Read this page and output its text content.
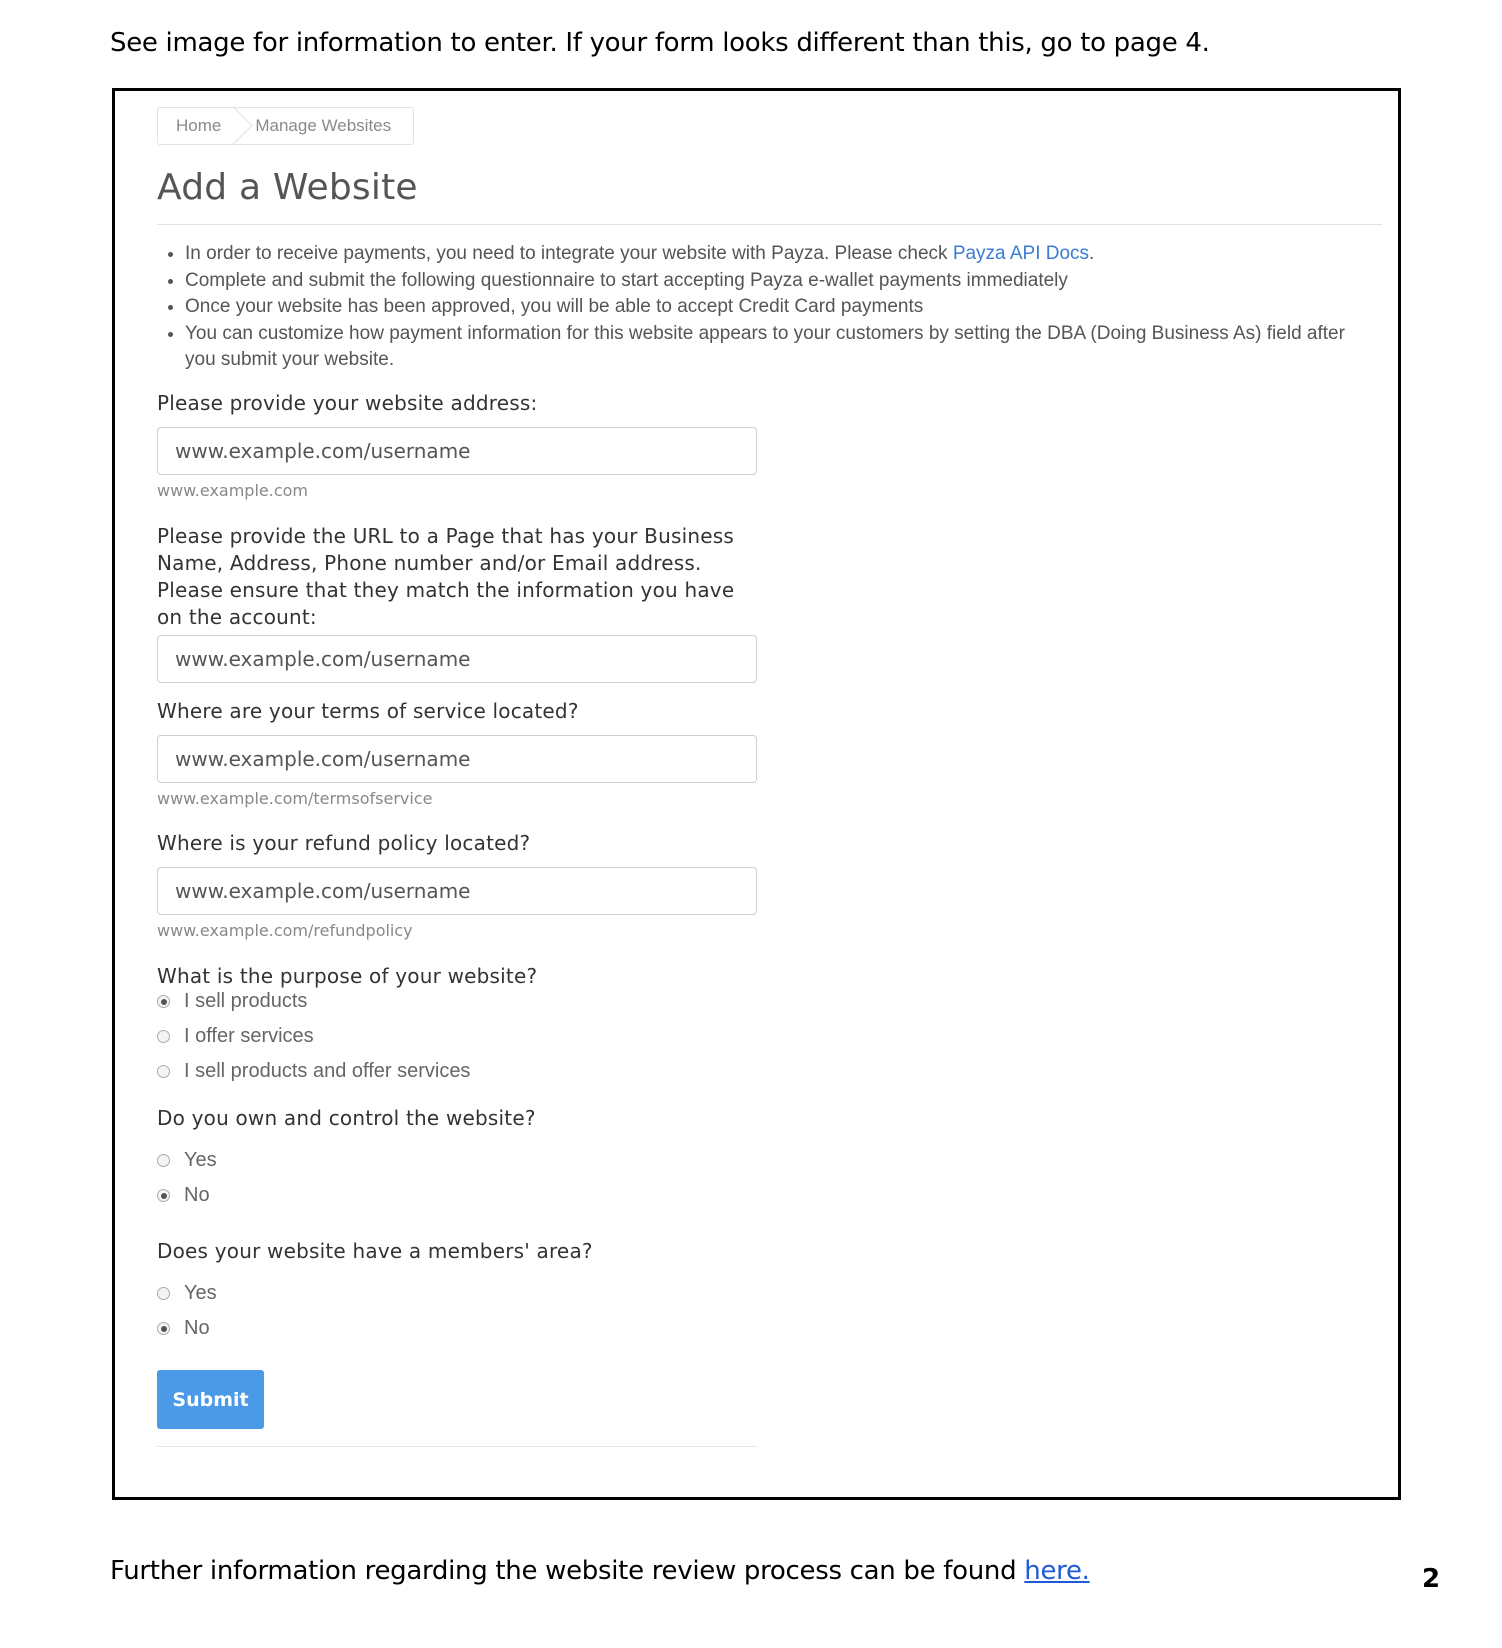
See image for information to enter. If your form looks different than this, go to page 4.
Home	Manage Websites
Add a Website
• In order to receive payments, you need to integrate your website with Payza. Please check Payza API Docs.
• Complete and submit the following questionnaire to start accepting Payza e-wallet payments immediately
• Once your website has been approved, you will be able to accept Credit Card payments
• You can customize how payment information for this website appears to your customers by setting the DBA (Doing Business As) field after you submit your website.
Please provide your website address:
www.example.com/username
www.example.com
Please provide the URL to a Page that has your Business Name, Address, Phone number and/or Email address. Please ensure that they match the information you have on the account:
www.example.com/username
Where are your terms of service located?
www.example.com/username
www.example.com/termsofservice
Where is your refund policy located?
www.example.com/username
www.example.com/refundpolicy
What is the purpose of your website?
I sell products
I offer services
I sell products and offer services
Do you own and control the website?
Yes
No
Does your website have a members' area?
Yes
No
Submit
Further information regarding the website review process can be found here.	2
